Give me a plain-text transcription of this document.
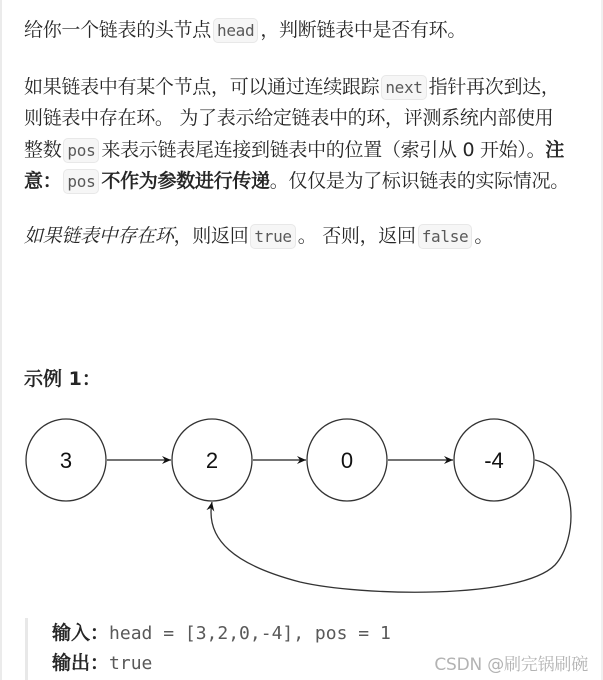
给你一个链表的头节点 head ，判断链表中是否有环。

如果链表中有某个节点，可以通过连续跟踪 next 指针再次到达，则链表中存在环。 为了表示给定链表中的环，评测系统内部使用整数 pos 来表示链表尾连接到链表中的位置（索引从 0 开始）。注意： pos 不作为参数进行传递。仅仅是为了标识链表的实际情况。

如果链表中存在环，则返回 true 。 否则，返回 false 。

示例 1：
3	2	0	-4
输入：head = [3,2,0,-4], pos = 1
输出：true	CSDN @刷完锅刷碗
